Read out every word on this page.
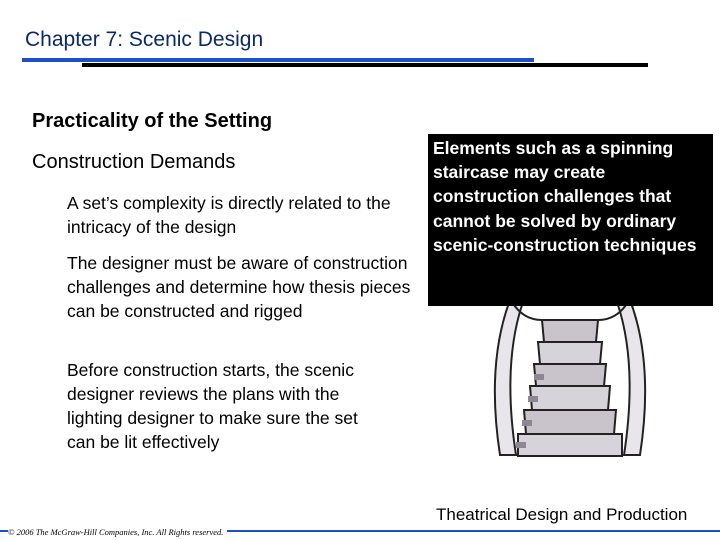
Chapter 7: Scenic Design
Practicality of the Setting
Construction Demands
A set’s complexity is directly related to the intricacy of the design
The designer must be aware of construction challenges and determine how thesis pieces can be constructed and rigged
Before construction starts, the scenic designer reviews the plans with the lighting designer to make sure the set can be lit effectively
Elements such as a spinning staircase may create construction challenges that cannot be solved by ordinary scenic-construction techniques
Theatrical Design and Production
© 2006 The McGraw-Hill Companies, Inc. All Rights reserved.
